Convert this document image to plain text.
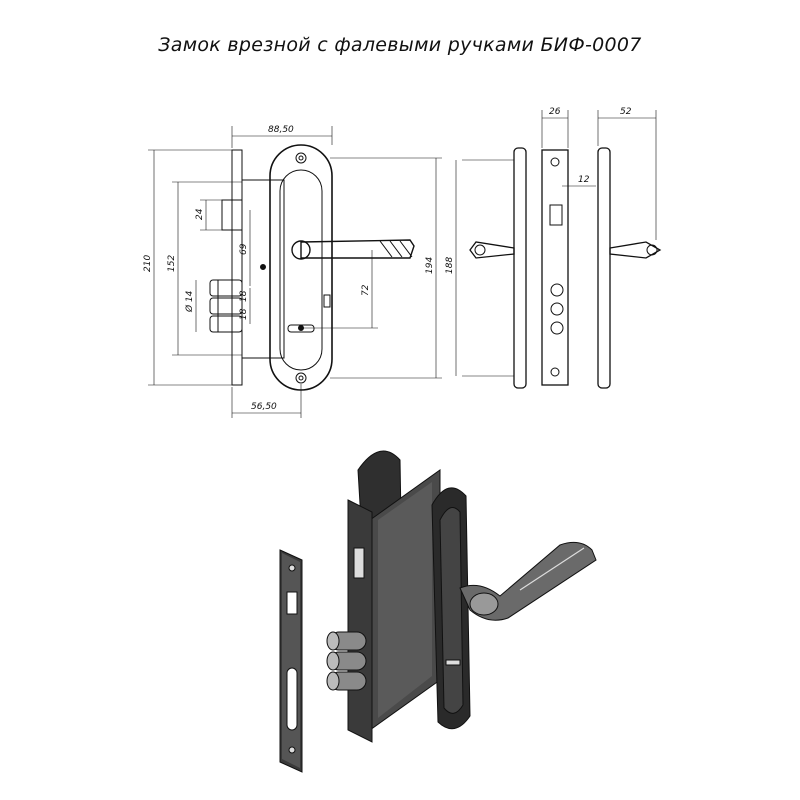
Замок врезной с фалевыми ручками БИФ-0007
88,50
56,50
210 152
24
69
Ø 14	18
18
72
194 188
26
12
52
